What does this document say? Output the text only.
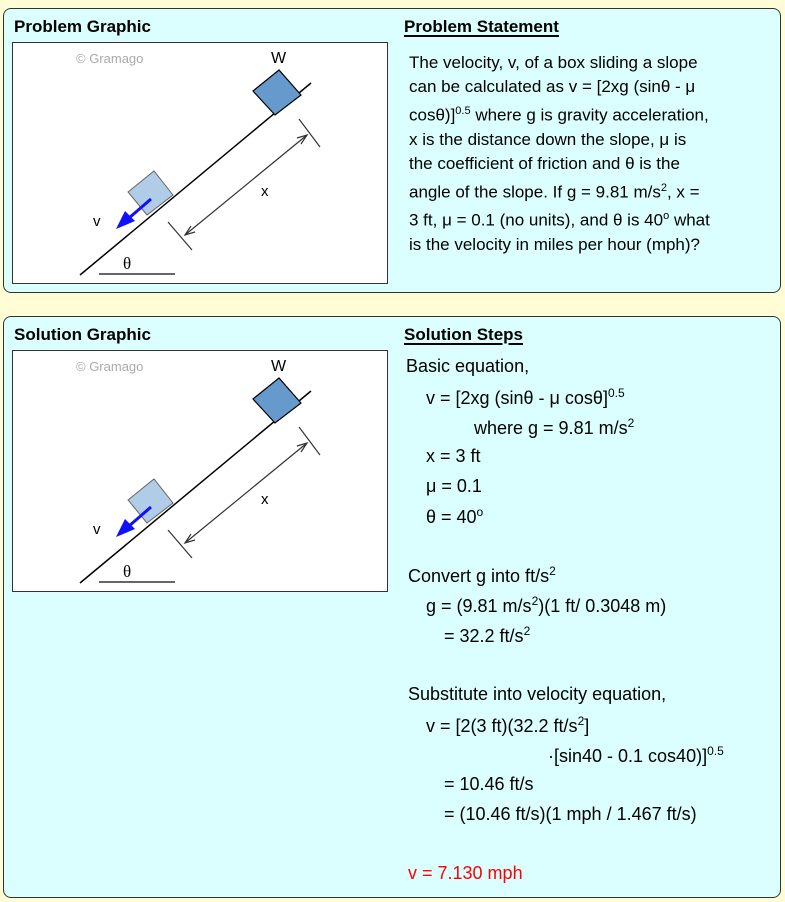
Problem Graphic
© Gramago	W
v
x
θ
Problem Statement
The velocity, v, of a box sliding a slope
can be calculated as v = [2xg (sinθ - μ
cosθ)]$^{0.5}$ where g is gravity acceleration,
x is the distance down the slope, μ is
the coefficient of friction and θ is the
angle of the slope. If g = 9.81 $m/s^2$, x =
3 ft, μ = 0.1 (no units), and θ is 40$^o$ what
is the velocity in miles per hour (mph)?
Solution Graphic
© Gramago	W
v
x
θ
Solution Steps
Basic equation,
v = [2xg (sinθ - μ cosθ]$^{0.5}$
where g = 9.81 $m/s^2$
x = 3 ft
μ = 0.1
$\theta = 40^o$
Convert g into $ft/s^2$
g = (9.81 $m/s^2)(1$ ft/ 0.3048 m)
= 32.2 $ft/s^2$
Substitute into velocity equation,
v = [2(3 ft)(32.2 $ft/s^2$]
·[sin40 - 0.1 cos40)]$^{0.5}$
= 10.46 ft/s
= (10.46 ft/s)(1 mph / 1.467 ft/s)
v = 7.130 mph
